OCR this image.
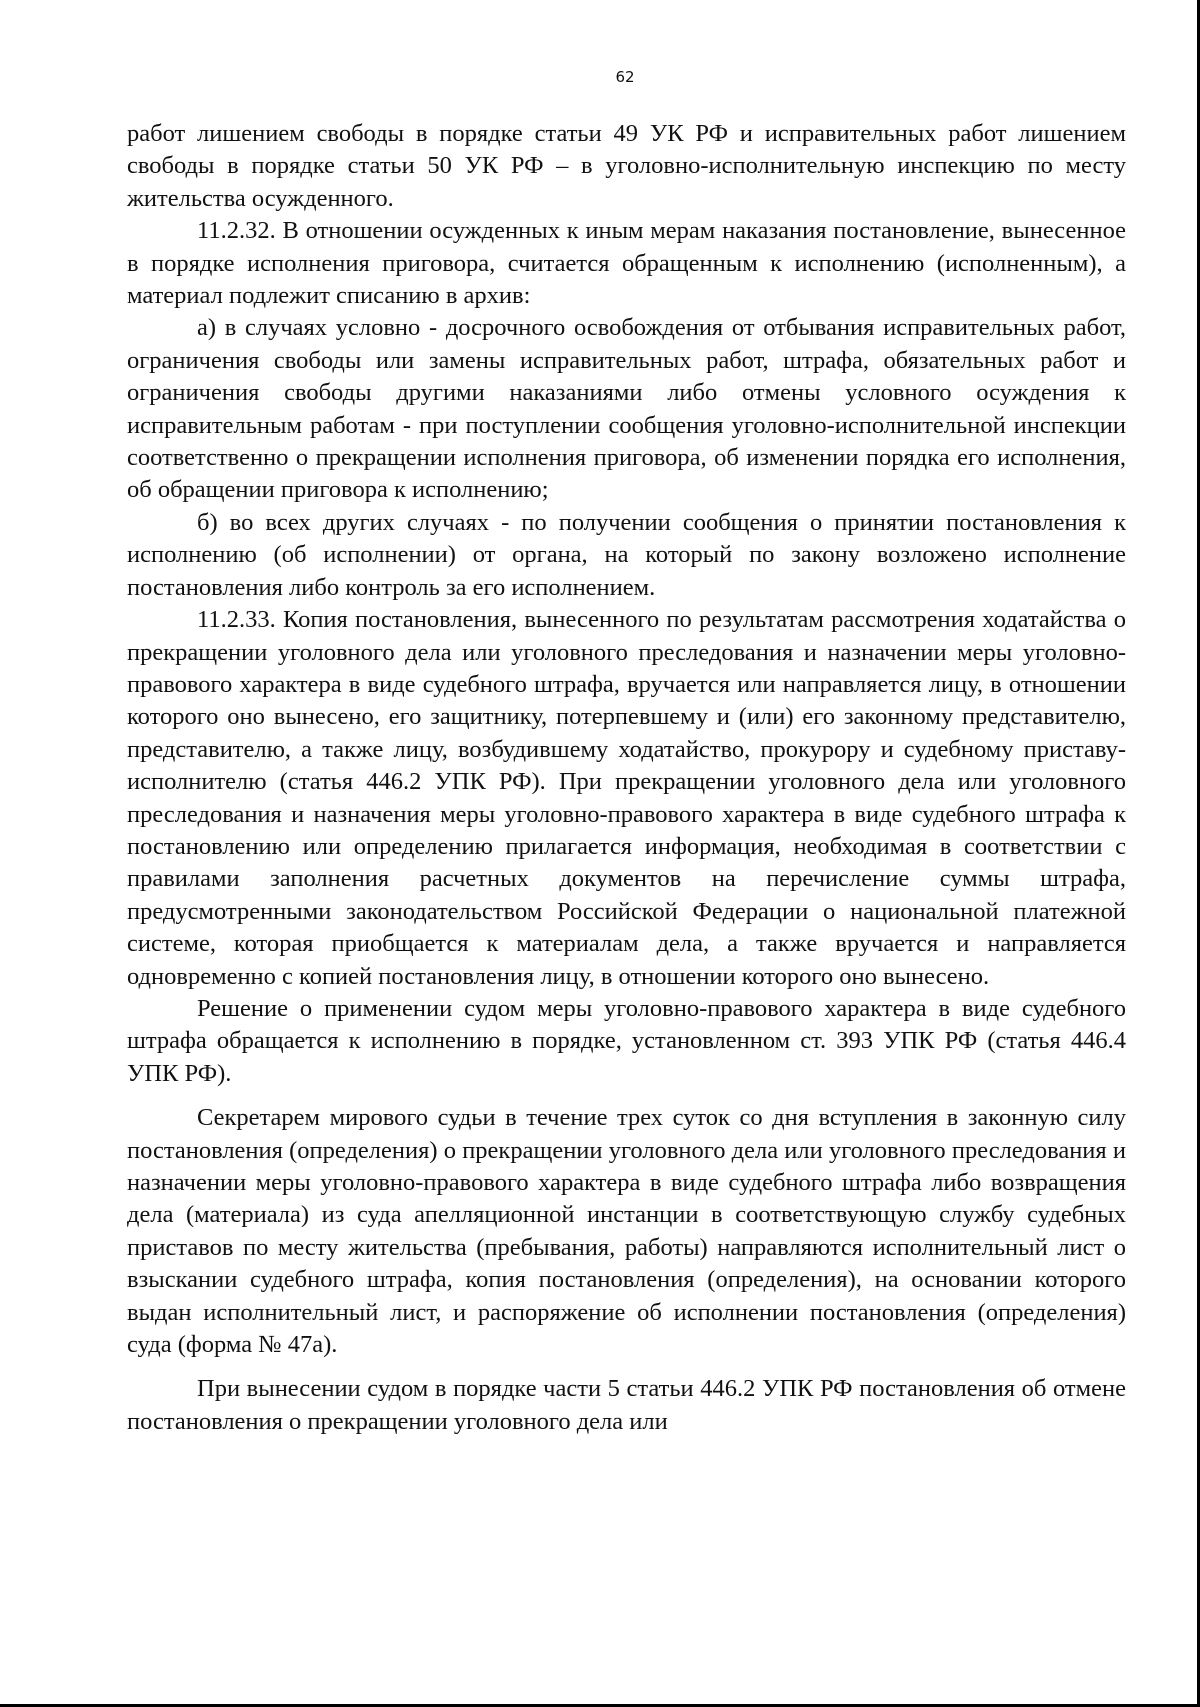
62

работ лишением свободы в порядке статьи 49 УК РФ и исправительных работ лишением свободы в порядке статьи 50 УК РФ – в уголовно-исполнительную инспекцию по месту жительства осужденного.

11.2.32. В отношении осужденных к иным мерам наказания постановление, вынесенное в порядке исполнения приговора, считается обращенным к исполнению (исполненным), а материал подлежит списанию в архив:

а) в случаях условно - досрочного освобождения от отбывания исправительных работ, ограничения свободы или замены исправительных работ, штрафа, обязательных работ и ограничения свободы другими наказаниями либо отмены условного осуждения к исправительным работам - при поступлении сообщения уголовно-исполнительной инспекции соответственно о прекращении исполнения приговора, об изменении порядка его исполнения, об обращении приговора к исполнению;

б) во всех других случаях - по получении сообщения о принятии постановления к исполнению (об исполнении) от органа, на который по закону возложено исполнение постановления либо контроль за его исполнением.

11.2.33. Копия постановления, вынесенного по результатам рассмотрения ходатайства о прекращении уголовного дела или уголовного преследования и назначении меры уголовно-правового характера в виде судебного штрафа, вручается или направляется лицу, в отношении которого оно вынесено, его защитнику, потерпевшему и (или) его законному представителю, представителю, а также лицу, возбудившему ходатайство, прокурору и судебному приставу-исполнителю (статья 446.2 УПК РФ). При прекращении уголовного дела или уголовного преследования и назначения меры уголовно-правового характера в виде судебного штрафа к постановлению или определению прилагается информация, необходимая в соответствии с правилами заполнения расчетных документов на перечисление суммы штрафа, предусмотренными законодательством Российской Федерации о национальной платежной системе, которая приобщается к материалам дела, а также вручается и направляется одновременно с копией постановления лицу, в отношении которого оно вынесено.

Решение о применении судом меры уголовно-правового характера в виде судебного штрафа обращается к исполнению в порядке, установленном ст. 393 УПК РФ (статья 446.4 УПК РФ).

Секретарем мирового судьи в течение трех суток со дня вступления в законную силу постановления (определения) о прекращении уголовного дела или уголовного преследования и назначении меры уголовно-правового характера в виде судебного штрафа либо возвращения дела (материала) из суда апелляционной инстанции в соответствующую службу судебных приставов по месту жительства (пребывания, работы) направляются исполнительный лист о взыскании судебного штрафа, копия постановления (определения), на основании которого выдан исполнительный лист, и распоряжение об исполнении постановления (определения) суда (форма № 47а).

При вынесении судом в порядке части 5 статьи 446.2 УПК РФ постановления об отмене постановления о прекращении уголовного дела или
